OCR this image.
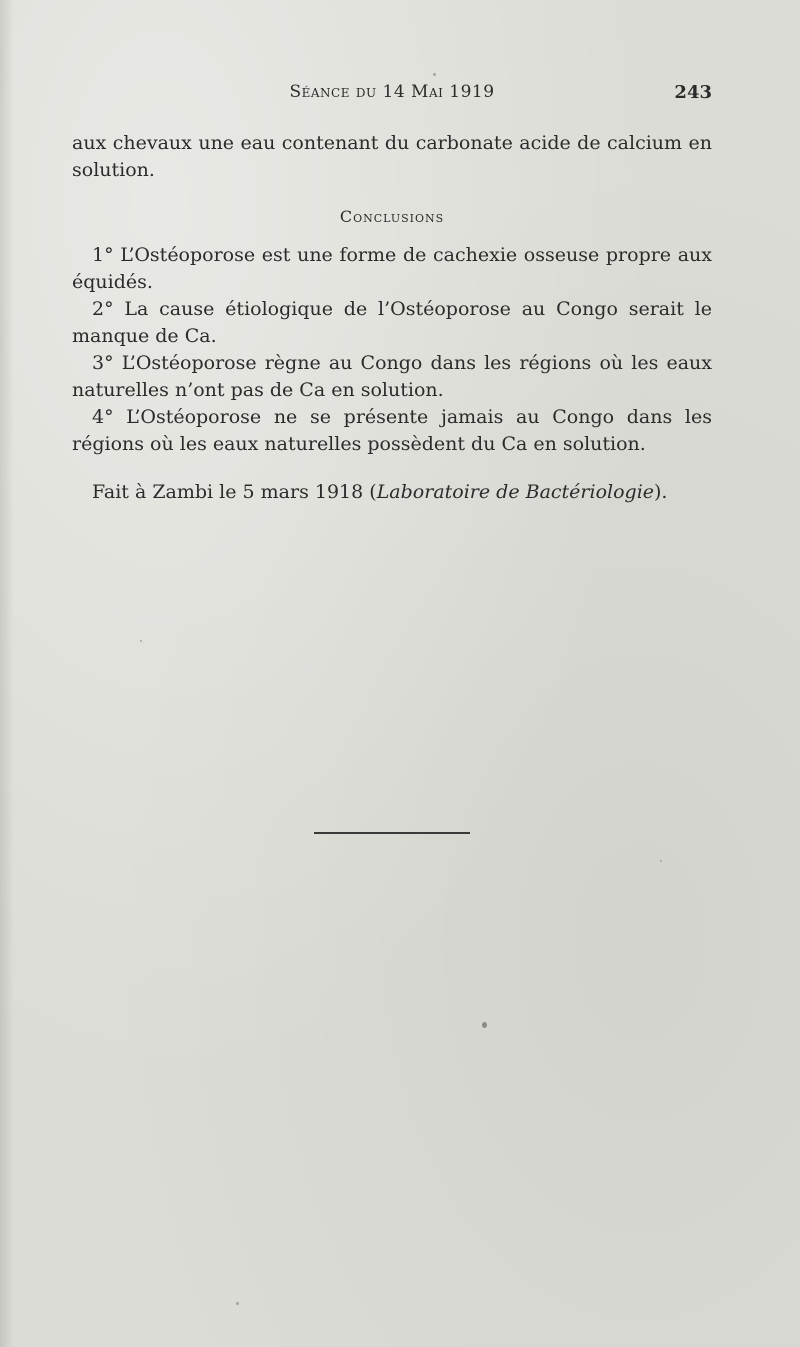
Séance du 14 Mai 1919	243

aux chevaux une eau contenant du carbonate acide de calcium en solution.

Conclusions

1° L’Ostéoporose est une forme de cachexie osseuse propre aux équidés.

2° La cause étiologique de l’Ostéoporose au Congo serait le manque de Ca.

3° L’Ostéoporose règne au Congo dans les régions où les eaux naturelles n’ont pas de Ca en solution.

4° L’Ostéoporose ne se présente jamais au Congo dans les régions où les eaux naturelles possèdent du Ca en solution.

Fait à Zambi le 5 mars 1918 (Laboratoire de Bactériologie).
